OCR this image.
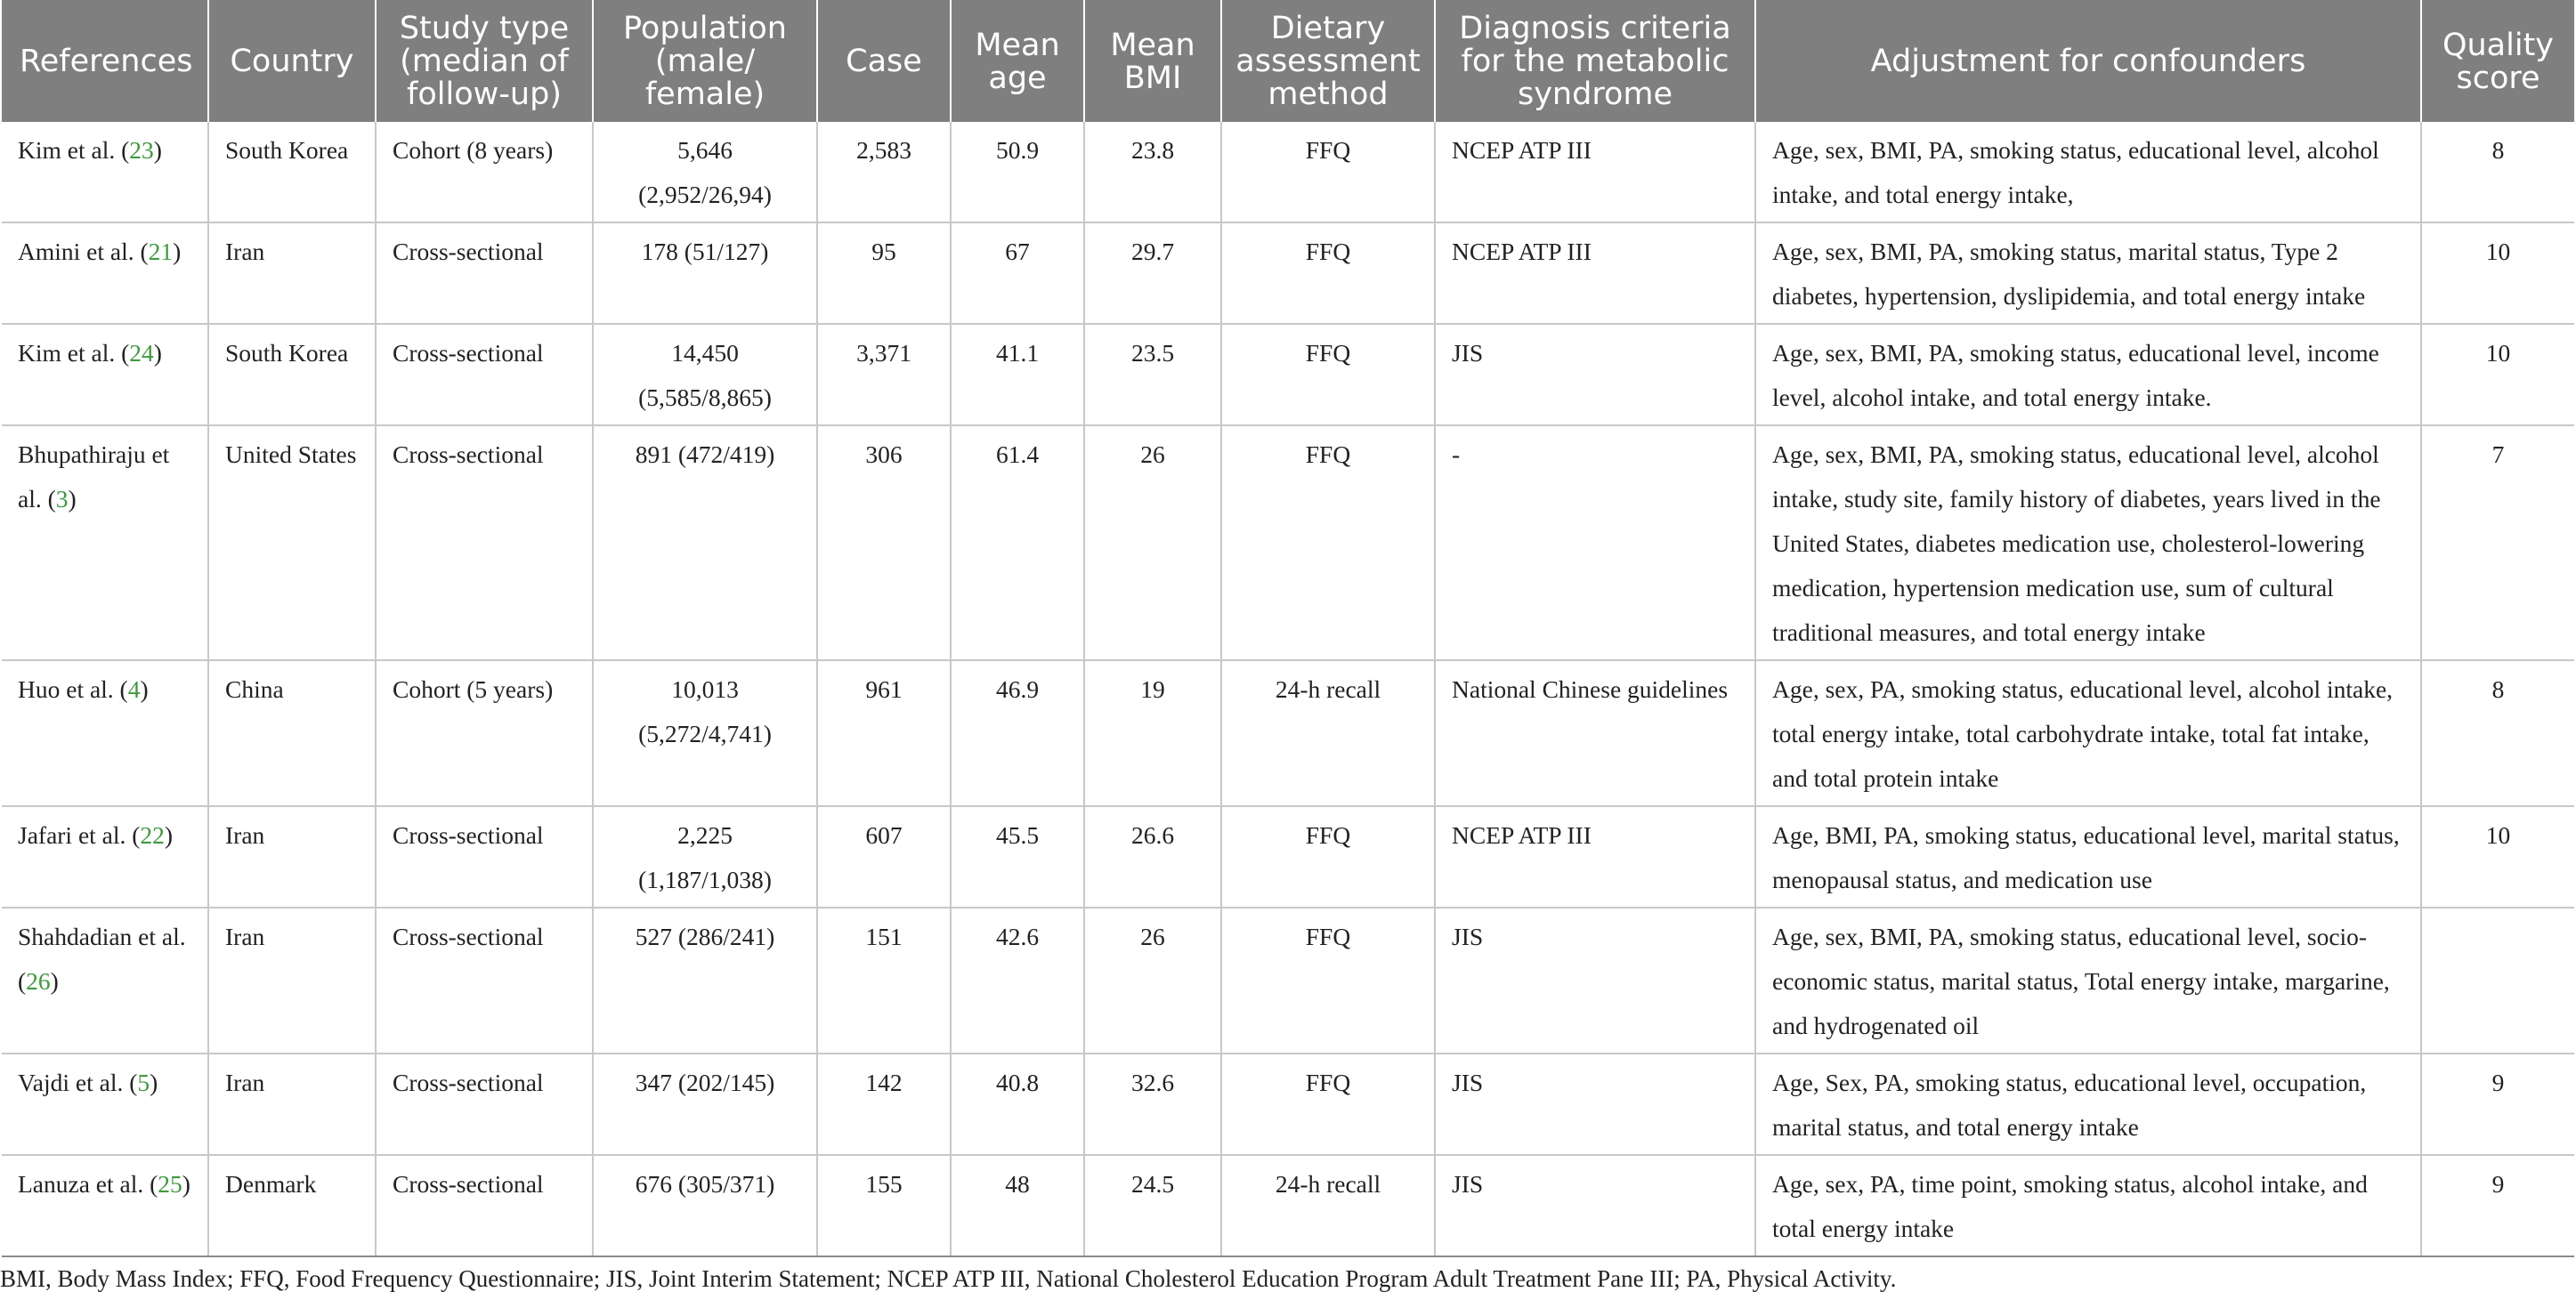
References	Country	Study type (median of follow-up)	Population (male/ female)	Case	Mean age	Mean BMI	Dietary assessment method	Diagnosis criteria for the metabolic syndrome	Adjustment for confounders	Quality score
Kim et al. (23)	South Korea	Cohort (8 years)	5,646 (2,952/26,94)	2,583	50.9	23.8	FFQ	NCEP ATP III	Age, sex, BMI, PA, smoking status, educational level, alcohol intake, and total energy intake,	8
Amini et al. (21)	Iran	Cross-sectional	178 (51/127)	95	67	29.7	FFQ	NCEP ATP III	Age, sex, BMI, PA, smoking status, marital status, Type 2 diabetes, hypertension, dyslipidemia, and total energy intake	10
Kim et al. (24)	South Korea	Cross-sectional	14,450 (5,585/8,865)	3,371	41.1	23.5	FFQ	JIS	Age, sex, BMI, PA, smoking status, educational level, income level, alcohol intake, and total energy intake.	10
Bhupathiraju et al. (3)	United States	Cross-sectional	891 (472/419)	306	61.4	26	FFQ	-	Age, sex, BMI, PA, smoking status, educational level, alcohol intake, study site, family history of diabetes, years lived in the United States, diabetes medication use, cholesterol-lowering medication, hypertension medication use, sum of cultural traditional measures, and total energy intake	7
Huo et al. (4)	China	Cohort (5 years)	10,013 (5,272/4,741)	961	46.9	19	24-h recall	National Chinese guidelines	Age, sex, PA, smoking status, educational level, alcohol intake, total energy intake, total carbohydrate intake, total fat intake, and total protein intake	8
Jafari et al. (22)	Iran	Cross-sectional	2,225 (1,187/1,038)	607	45.5	26.6	FFQ	NCEP ATP III	Age, BMI, PA, smoking status, educational level, marital status, menopausal status, and medication use	10
Shahdadian et al. (26)	Iran	Cross-sectional	527 (286/241)	151	42.6	26	FFQ	JIS	Age, sex, BMI, PA, smoking status, educational level, socio-economic status, marital status, Total energy intake, margarine, and hydrogenated oil	
Vajdi et al. (5)	Iran	Cross-sectional	347 (202/145)	142	40.8	32.6	FFQ	JIS	Age, Sex, PA, smoking status, educational level, occupation, marital status, and total energy intake	9
Lanuza et al. (25)	Denmark	Cross-sectional	676 (305/371)	155	48	24.5	24-h recall	JIS	Age, sex, PA, time point, smoking status, alcohol intake, and total energy intake	9
BMI, Body Mass Index; FFQ, Food Frequency Questionnaire; JIS, Joint Interim Statement; NCEP ATP III, National Cholesterol Education Program Adult Treatment Pane III; PA, Physical Activity.
